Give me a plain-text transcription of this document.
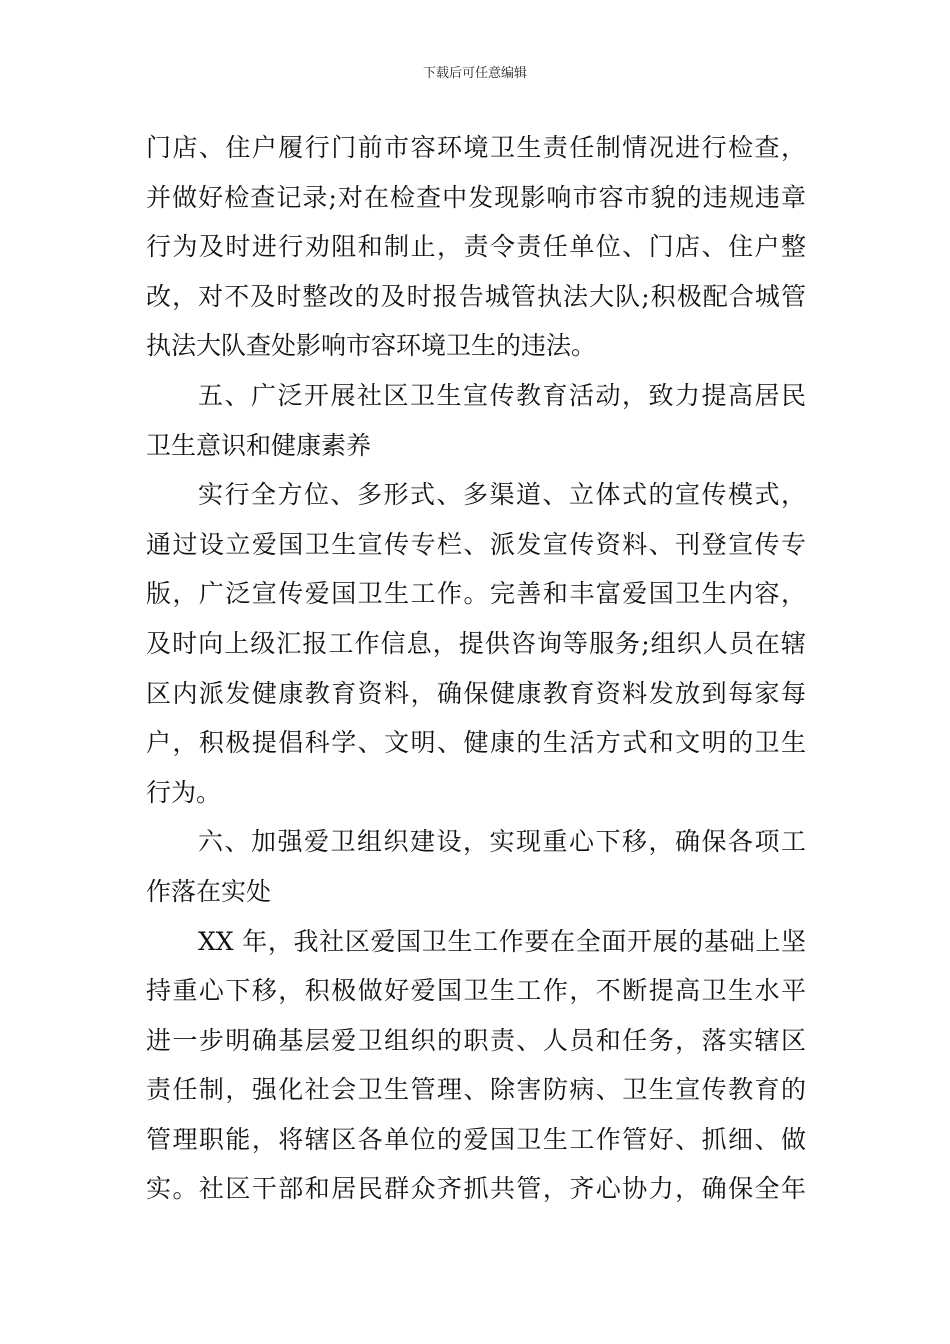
下载后可任意编辑
门店、住户履行门前市容环境卫生责任制情况进行检查，
并做好检查记录;对在检查中发现影响市容市貌的违规违章
行为及时进行劝阻和制止，责令责任单位、门店、住户整
改，对不及时整改的及时报告城管执法大队;积极配合城管
执法大队查处影响市容环境卫生的违法。
五、广泛开展社区卫生宣传教育活动，致力提高居民
卫生意识和健康素养
实行全方位、多形式、多渠道、立体式的宣传模式，
通过设立爱国卫生宣传专栏、派发宣传资料、刊登宣传专
版，广泛宣传爱国卫生工作。完善和丰富爱国卫生内容，
及时向上级汇报工作信息，提供咨询等服务;组织人员在辖
区内派发健康教育资料，确保健康教育资料发放到每家每
户，积极提倡科学、文明、健康的生活方式和文明的卫生
行为。
六、加强爱卫组织建设，实现重心下移，确保各项工
作落在实处
XX 年，我社区爱国卫生工作要在全面开展的基础上坚
持重心下移，积极做好爱国卫生工作，不断提高卫生水平
进一步明确基层爱卫组织的职责、人员和任务，落实辖区
责任制，强化社会卫生管理、除害防病、卫生宣传教育的
管理职能，将辖区各单位的爱国卫生工作管好、抓细、做
实。社区干部和居民群众齐抓共管，齐心协力，确保全年
